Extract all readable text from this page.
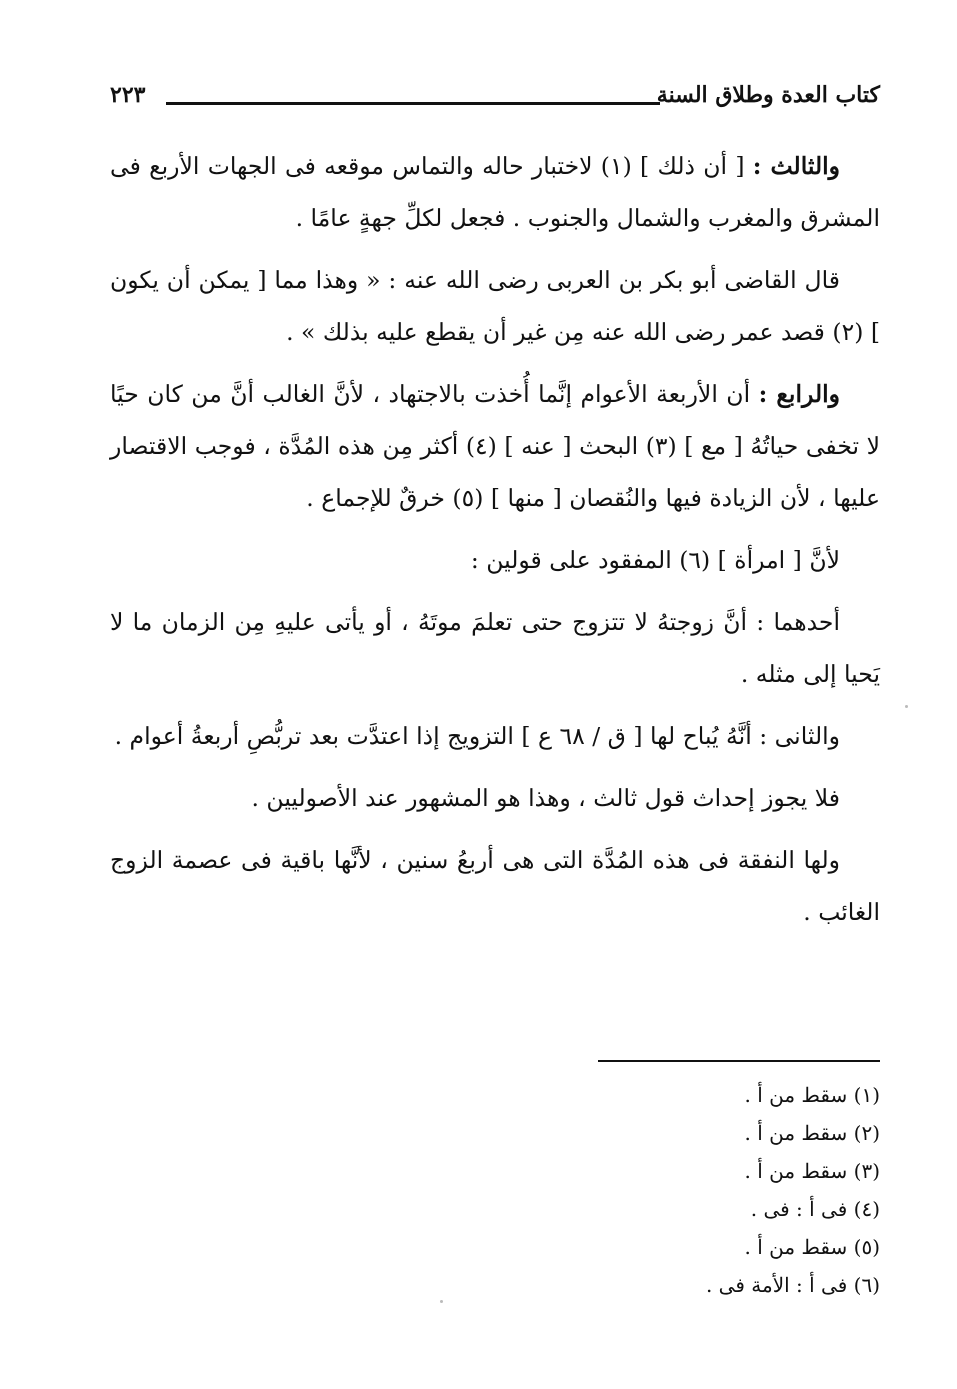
كتاب العدة وطلاق السنة
٢٢٣

والثالث : [ أن ذلك ] (١) لاختبار حاله والتماس موقعه فى الجهات الأربع فى المشرق والمغرب والشمال والجنوب . فجعل لكلِّ جهةٍ عامًا .

قال القاضى أبو بكر بن العربى رضى الله عنه : « وهذا مما [ يمكن أن يكون ] (٢) قصد عمر رضى الله عنه مِن غير أن يقطع عليه بذلك » .

والرابع : أن الأربعة الأعوام إنَّما أُخذت بالاجتهاد ، لأنَّ الغالب أنَّ من كان حيًا لا تخفى حياتُهُ [ مع ] (٣) البحث [ عنه ] (٤) أكثر مِن هذه المُدَّة ، فوجب الاقتصار عليها ، لأن الزيادة فيها والنُقصان [ منها ] (٥) خرقٌ للإجماع .

لأنَّ [ امرأة ] (٦) المفقود على قولين :

أحدهما : أنَّ زوجتهُ لا تتزوج حتى تعلمَ موتَهُ ، أو يأتى عليهِ مِن الزمان ما لا يَحيا إلى مثله .

والثانى : أنَّهُ يُباح لها [ ق / ٦٨ ع ] التزويج إذا اعتدَّت بعد تربُّصِ أربعةُ أعوام .

فلا يجوز إحداث قول ثالث ، وهذا هو المشهور عند الأصوليين .

ولها النفقة فى هذه المُدَّة التى هى أربعُ سنين ، لأنَّها باقية فى عصمة الزوج الغائب .

(١) سقط من أ .
(٢) سقط من أ .
(٣) سقط من أ .
(٤) فى أ : فى .
(٥) سقط من أ .
(٦) فى أ : الأمة فى .
